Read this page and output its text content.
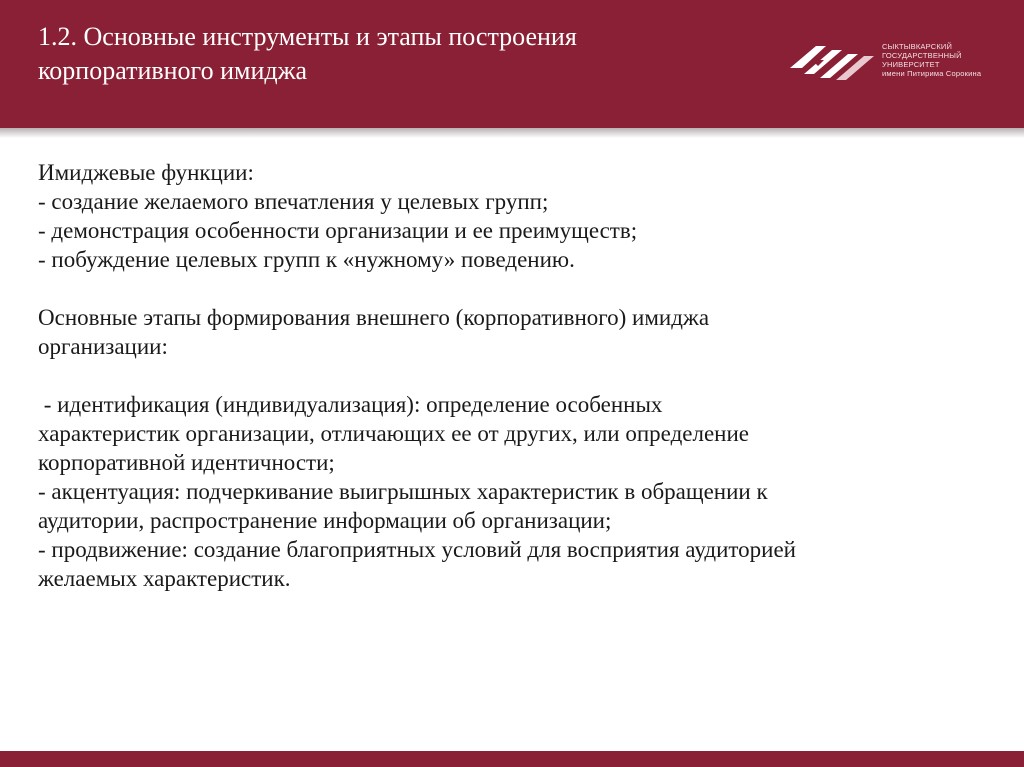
1.2. Основные инструменты и этапы построения
корпоративного имиджа
СЫКТЫВКАРСКИЙ
ГОСУДАРСТВЕННЫЙ
УНИВЕРСИТЕТ
имени Питирима Сорокина
Имиджевые функции:
- создание желаемого впечатления у целевых групп;
- демонстрация особенности организации и ее преимуществ;
- побуждение целевых групп к «нужному» поведению.
Основные этапы формирования внешнего (корпоративного) имиджа
организации:
- идентификация (индивидуализация): определение особенных
характеристик организации, отличающих ее от других, или определение
корпоративной идентичности;
- акцентуация: подчеркивание выигрышных характеристик в обращении к
аудитории, распространение информации об организации;
- продвижение: создание благоприятных условий для восприятия аудиторией
желаемых характеристик.
